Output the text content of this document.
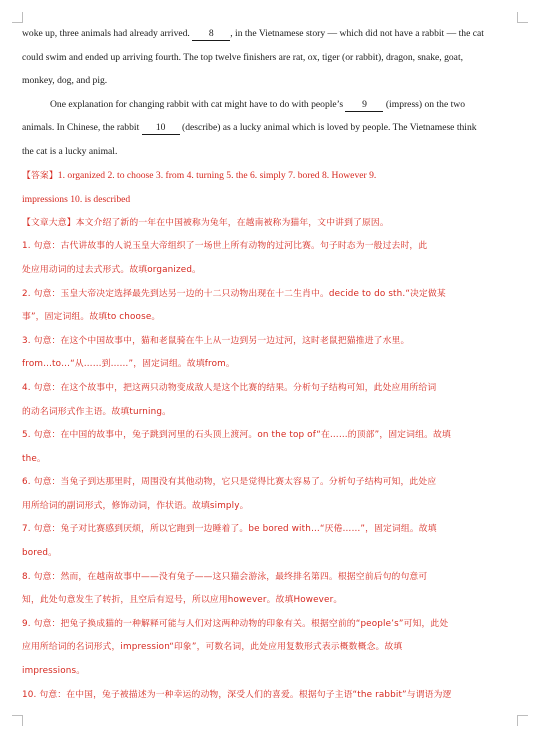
woke up, three animals had already arrived. 8 , in the Vietnamese story — which did not have a rabbit — the cat
could swim and ended up arriving fourth. The top twelve finishers are rat, ox, tiger (or rabbit), dragon, snake, goat,
monkey, dog, and pig.
One explanation for changing rabbit with cat might have to do with people’s 9 (impress) on the two
animals. In Chinese, the rabbit 10 (describe) as a lucky animal which is loved by people. The Vietnamese think
the cat is a lucky animal.
【答案】1. organized 2. to choose 3. from 4. turning 5. the 6. simply 7. bored 8. However 9.
impressions 10. is described
【文章大意】本文介绍了新的一年在中国被称为兔年，在越南被称为猫年，文中讲到了原因。
1. 句意：古代讲故事的人说玉皇大帝组织了一场世上所有动物的过河比赛。句子时态为一般过去时，此
处应用动词的过去式形式。故填organized。
2. 句意：玉皇大帝决定选择最先到达另一边的十二只动物出现在十二生肖中。decide to do sth.“决定做某
事”，固定词组。故填to choose。
3. 句意：在这个中国故事中，猫和老鼠骑在牛上从一边到另一边过河，这时老鼠把猫推进了水里。
from…to…“从……到……”，固定词组。故填from。
4. 句意：在这个故事中，把这两只动物变成敌人是这个比赛的结果。分析句子结构可知，此处应用所给词
的动名词形式作主语。故填turning。
5. 句意：在中国的故事中，兔子跳到河里的石头顶上渡河。on the top of“在……的顶部”，固定词组。故填
the。
6. 句意：当兔子到达那里时，周围没有其他动物，它只是觉得比赛太容易了。分析句子结构可知，此处应
用所给词的副词形式，修饰动词，作状语。故填simply。
7. 句意：兔子对比赛感到厌烦，所以它跑到一边睡着了。be bored with…“厌倦……”，固定词组。故填
bored。
8. 句意：然而，在越南故事中——没有兔子——这只猫会游泳，最终排名第四。根据空前后句的句意可
知，此处句意发生了转折，且空后有逗号，所以应用however。故填However。
9. 句意：把兔子换成猫的一种解释可能与人们对这两种动物的印象有关。根据空前的“people’s”可知，此处
应用所给词的名词形式，impression“印象”，可数名词，此处应用复数形式表示概数概念。故填
impressions。
10. 句意：在中国，兔子被描述为一种幸运的动物，深受人们的喜爱。根据句子主语“the rabbit”与谓语为逻
